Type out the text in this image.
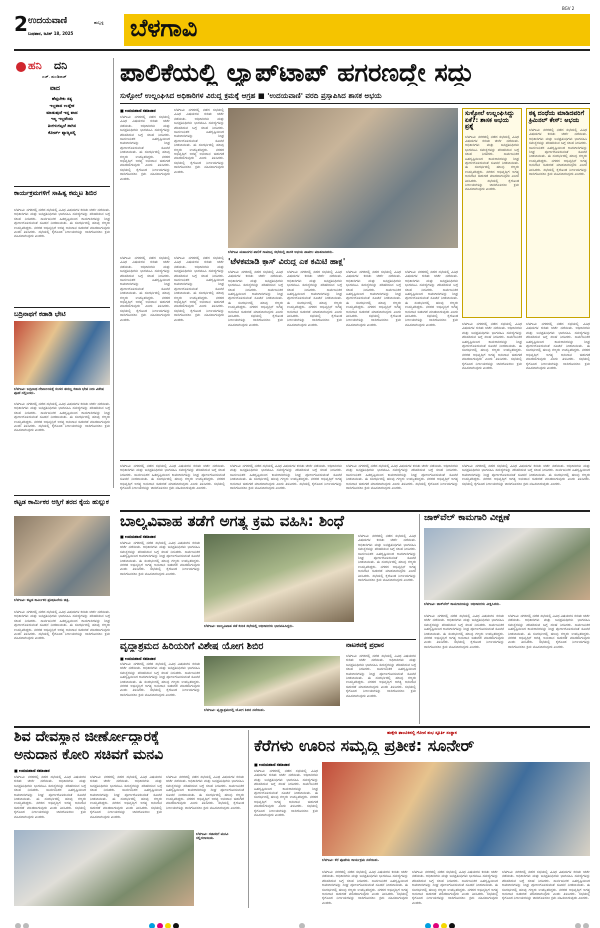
2 ಉದಯವಾಣಿ	ಹುಬ್ಬಳ್ಳಿ
ಬುಧವಾರ, ಜೂನ್ 18, 2025 ಬೆಳಗಾವಿ
BGV 2
ಹನಿ ದನಿ
ಎಚ್. ಡುಂಡಿರಾಜ್
ವಾದ
ಹೆಚ್ಚಬೇಕು ಸತ್ಯ
ಇಲ್ಲವಾದ ಉದ್ದೇಶ
ಮಾಡುವುದೆ ಇದ್ದ ವಾದ
ಇಲ್ಲ ಇಲ್ಲವೆಂದು
ತಿಂಗಳುಗಟ್ಟಲೆ ಸಾಗಿದ
ಕೋರ್ಟ್ ವ್ಯಾಜ್ಯದಲ್ಲಿ
ಪಾಲಿಕೆಯಲ್ಲಿ ಲ್ಯಾಪ್‌ಟಾಪ್ ಹಗರಣದ್ದೇ ಸದ್ದು
ಸುಳ್ಳೋಲೆ ಉಲ್ಲಂಘಿಸಿದ ಅಧಿಕಾರಿಗಳ ವಿರುದ್ಧ ಕ್ರಮಕ್ಕೆ ಆಗ್ರಹ ■ 'ಉದಯವಾಣಿ' ವರದಿ ಪ್ರಸ್ತಾಪಿಸಿದ ಶಾಸಕ ಅಭಯ
■ ಉದಯವಾಣಿ ಸಮಾಚಾರ
ಬೆಳಗಾವಿ: ನಗರದಲ್ಲಿ ನಡೆದ ಸಭೆಯಲ್ಲಿ ವಿವಿಧ ವಿಷಯಗಳ ಕುರಿತು ಚರ್ಚೆ ನಡೆಯಿತು. ಅಧಿಕಾರಿಗಳು ಮತ್ತು ಜನಪ್ರತಿನಿಧಿಗಳು ಭಾಗವಹಿಸಿ ಸಮಸ್ಯೆಗಳನ್ನು ಪರಿಹರಿಸುವ ಬಗ್ಗೆ ಸಲಹೆ ನೀಡಿದರು. ಸಾರ್ವಜನಿಕರ ಹಿತದೃಷ್ಟಿಯಿಂದ ಕಾಮಗಾರಿಗಳನ್ನು ಶೀಘ್ರ ಪೂರ್ಣಗೊಳಿಸುವಂತೆ ಸೂಚನೆ ನೀಡಲಾಯಿತು. ಈ ಸಂದರ್ಭದಲ್ಲಿ ಹಲವು ಗಣ್ಯರು ಉಪಸ್ಥಿತರಿದ್ದರು. ನಗರದ ಅಭಿವೃದ್ಧಿಗೆ ಅಗತ್ಯ ಅನುದಾನ ಬಿಡುಗಡೆ ಮಾಡಲಾಗುವುದು ಎಂದು ತಿಳಿಸಿದರು. ಸಭೆಯಲ್ಲಿ ಕೈಗೊಂಡ ನಿರ್ಣಯಗಳನ್ನು ಜಾರಿಗೊಳಿಸಲು ಕ್ರಮ ವಹಿಸಲಾಗುವುದು ಎಂದರು.
ಬೆಳಗಾವಿ: ನಗರದಲ್ಲಿ ನಡೆದ ಸಭೆಯಲ್ಲಿ ವಿವಿಧ ವಿಷಯಗಳ ಕುರಿತು ಚರ್ಚೆ ನಡೆಯಿತು. ಅಧಿಕಾರಿಗಳು ಮತ್ತು ಜನಪ್ರತಿನಿಧಿಗಳು ಭಾಗವಹಿಸಿ ಸಮಸ್ಯೆಗಳನ್ನು ಪರಿಹರಿಸುವ ಬಗ್ಗೆ ಸಲಹೆ ನೀಡಿದರು. ಸಾರ್ವಜನಿಕರ ಹಿತದೃಷ್ಟಿಯಿಂದ ಕಾಮಗಾರಿಗಳನ್ನು ಶೀಘ್ರ ಪೂರ್ಣಗೊಳಿಸುವಂತೆ ಸೂಚನೆ ನೀಡಲಾಯಿತು. ಈ ಸಂದರ್ಭದಲ್ಲಿ ಹಲವು ಗಣ್ಯರು ಉಪಸ್ಥಿತರಿದ್ದರು. ನಗರದ ಅಭಿವೃದ್ಧಿಗೆ ಅಗತ್ಯ ಅನುದಾನ ಬಿಡುಗಡೆ ಮಾಡಲಾಗುವುದು ಎಂದು ತಿಳಿಸಿದರು. ಸಭೆಯಲ್ಲಿ ಕೈಗೊಂಡ ನಿರ್ಣಯಗಳನ್ನು ಜಾರಿಗೊಳಿಸಲು ಕ್ರಮ ವಹಿಸಲಾಗುವುದು ಎಂದರು.
ಬೆಳಗಾವಿ ಮಹಾನಗರ ಪಾಲಿಕೆ ಸಾಮಾನ್ಯ ಸಭೆಯಲ್ಲಿ ಶಾಸಕ ಅಭಯ ಪಾಟೀಲ ಮಾತನಾಡಿದರು.
ಸುಳ್ಳೋಲೆ ಉಲ್ಲಂಘಿಸಿದ್ದು ಏಕೆ?: ಶಾಸಕ ಅಭಯ ಪ್ರಶ್ನೆ
ಬೆಳಗಾವಿ: ನಗರದಲ್ಲಿ ನಡೆದ ಸಭೆಯಲ್ಲಿ ವಿವಿಧ ವಿಷಯಗಳ ಕುರಿತು ಚರ್ಚೆ ನಡೆಯಿತು. ಅಧಿಕಾರಿಗಳು ಮತ್ತು ಜನಪ್ರತಿನಿಧಿಗಳು ಭಾಗವಹಿಸಿ ಸಮಸ್ಯೆಗಳನ್ನು ಪರಿಹರಿಸುವ ಬಗ್ಗೆ ಸಲಹೆ ನೀಡಿದರು. ಸಾರ್ವಜನಿಕರ ಹಿತದೃಷ್ಟಿಯಿಂದ ಕಾಮಗಾರಿಗಳನ್ನು ಶೀಘ್ರ ಪೂರ್ಣಗೊಳಿಸುವಂತೆ ಸೂಚನೆ ನೀಡಲಾಯಿತು. ಈ ಸಂದರ್ಭದಲ್ಲಿ ಹಲವು ಗಣ್ಯರು ಉಪಸ್ಥಿತರಿದ್ದರು. ನಗರದ ಅಭಿವೃದ್ಧಿಗೆ ಅಗತ್ಯ ಅನುದಾನ ಬಿಡುಗಡೆ ಮಾಡಲಾಗುವುದು ಎಂದು ತಿಳಿಸಿದರು. ಸಭೆಯಲ್ಲಿ ಕೈಗೊಂಡ ನಿರ್ಣಯಗಳನ್ನು ಜಾರಿಗೊಳಿಸಲು ಕ್ರಮ ವಹಿಸಲಾಗುವುದು ಎಂದರು.
ಠಕ್ಕ ದಂಧೆಯ ಮಾಡಿದವರಿಗೆ ಕ್ರಿಮಿನಲ್ ಕೇಸ್: ಅಭಯ
ಬೆಳಗಾವಿ: ನಗರದಲ್ಲಿ ನಡೆದ ಸಭೆಯಲ್ಲಿ ವಿವಿಧ ವಿಷಯಗಳ ಕುರಿತು ಚರ್ಚೆ ನಡೆಯಿತು. ಅಧಿಕಾರಿಗಳು ಮತ್ತು ಜನಪ್ರತಿನಿಧಿಗಳು ಭಾಗವಹಿಸಿ ಸಮಸ್ಯೆಗಳನ್ನು ಪರಿಹರಿಸುವ ಬಗ್ಗೆ ಸಲಹೆ ನೀಡಿದರು. ಸಾರ್ವಜನಿಕರ ಹಿತದೃಷ್ಟಿಯಿಂದ ಕಾಮಗಾರಿಗಳನ್ನು ಶೀಘ್ರ ಪೂರ್ಣಗೊಳಿಸುವಂತೆ ಸೂಚನೆ ನೀಡಲಾಯಿತು. ಈ ಸಂದರ್ಭದಲ್ಲಿ ಹಲವು ಗಣ್ಯರು ಉಪಸ್ಥಿತರಿದ್ದರು. ನಗರದ ಅಭಿವೃದ್ಧಿಗೆ ಅಗತ್ಯ ಅನುದಾನ ಬಿಡುಗಡೆ ಮಾಡಲಾಗುವುದು ಎಂದು ತಿಳಿಸಿದರು. ಸಭೆಯಲ್ಲಿ ಕೈಗೊಂಡ ನಿರ್ಣಯಗಳನ್ನು ಜಾರಿಗೊಳಿಸಲು ಕ್ರಮ ವಹಿಸಲಾಗುವುದು ಎಂದರು.
ಬೆಳಗಾವಿ: ನಗರದಲ್ಲಿ ನಡೆದ ಸಭೆಯಲ್ಲಿ ವಿವಿಧ ವಿಷಯಗಳ ಕುರಿತು ಚರ್ಚೆ ನಡೆಯಿತು. ಅಧಿಕಾರಿಗಳು ಮತ್ತು ಜನಪ್ರತಿನಿಧಿಗಳು ಭಾಗವಹಿಸಿ ಸಮಸ್ಯೆಗಳನ್ನು ಪರಿಹರಿಸುವ ಬಗ್ಗೆ ಸಲಹೆ ನೀಡಿದರು. ಸಾರ್ವಜನಿಕರ ಹಿತದೃಷ್ಟಿಯಿಂದ ಕಾಮಗಾರಿಗಳನ್ನು ಶೀಘ್ರ ಪೂರ್ಣಗೊಳಿಸುವಂತೆ ಸೂಚನೆ ನೀಡಲಾಯಿತು. ಈ ಸಂದರ್ಭದಲ್ಲಿ ಹಲವು ಗಣ್ಯರು ಉಪಸ್ಥಿತರಿದ್ದರು. ನಗರದ ಅಭಿವೃದ್ಧಿಗೆ ಅಗತ್ಯ ಅನುದಾನ ಬಿಡುಗಡೆ ಮಾಡಲಾಗುವುದು ಎಂದು ತಿಳಿಸಿದರು. ಸಭೆಯಲ್ಲಿ ಕೈಗೊಂಡ ನಿರ್ಣಯಗಳನ್ನು ಜಾರಿಗೊಳಿಸಲು ಕ್ರಮ ವಹಿಸಲಾಗುವುದು ಎಂದರು.
ಬೆಳಗಾವಿ: ನಗರದಲ್ಲಿ ನಡೆದ ಸಭೆಯಲ್ಲಿ ವಿವಿಧ ವಿಷಯಗಳ ಕುರಿತು ಚರ್ಚೆ ನಡೆಯಿತು. ಅಧಿಕಾರಿಗಳು ಮತ್ತು ಜನಪ್ರತಿನಿಧಿಗಳು ಭಾಗವಹಿಸಿ ಸಮಸ್ಯೆಗಳನ್ನು ಪರಿಹರಿಸುವ ಬಗ್ಗೆ ಸಲಹೆ ನೀಡಿದರು. ಸಾರ್ವಜನಿಕರ ಹಿತದೃಷ್ಟಿಯಿಂದ ಕಾಮಗಾರಿಗಳನ್ನು ಶೀಘ್ರ ಪೂರ್ಣಗೊಳಿಸುವಂತೆ ಸೂಚನೆ ನೀಡಲಾಯಿತು. ಈ ಸಂದರ್ಭದಲ್ಲಿ ಹಲವು ಗಣ್ಯರು ಉಪಸ್ಥಿತರಿದ್ದರು. ನಗರದ ಅಭಿವೃದ್ಧಿಗೆ ಅಗತ್ಯ ಅನುದಾನ ಬಿಡುಗಡೆ ಮಾಡಲಾಗುವುದು ಎಂದು ತಿಳಿಸಿದರು. ಸಭೆಯಲ್ಲಿ ಕೈಗೊಂಡ ನಿರ್ಣಯಗಳನ್ನು ಜಾರಿಗೊಳಿಸಲು ಕ್ರಮ ವಹಿಸಲಾಗುವುದು ಎಂದರು.
'ಟೆಳಕಮಾಡಿ ಕ್ರಾಸ್ ವಿರುದ್ದ ಎಕ ಕಮಿಟಿ ಹಾಕ್ಲ'
ಬೆಳಗಾವಿ: ನಗರದಲ್ಲಿ ನಡೆದ ಸಭೆಯಲ್ಲಿ ವಿವಿಧ ವಿಷಯಗಳ ಕುರಿತು ಚರ್ಚೆ ನಡೆಯಿತು. ಅಧಿಕಾರಿಗಳು ಮತ್ತು ಜನಪ್ರತಿನಿಧಿಗಳು ಭಾಗವಹಿಸಿ ಸಮಸ್ಯೆಗಳನ್ನು ಪರಿಹರಿಸುವ ಬಗ್ಗೆ ಸಲಹೆ ನೀಡಿದರು. ಸಾರ್ವಜನಿಕರ ಹಿತದೃಷ್ಟಿಯಿಂದ ಕಾಮಗಾರಿಗಳನ್ನು ಶೀಘ್ರ ಪೂರ್ಣಗೊಳಿಸುವಂತೆ ಸೂಚನೆ ನೀಡಲಾಯಿತು. ಈ ಸಂದರ್ಭದಲ್ಲಿ ಹಲವು ಗಣ್ಯರು ಉಪಸ್ಥಿತರಿದ್ದರು. ನಗರದ ಅಭಿವೃದ್ಧಿಗೆ ಅಗತ್ಯ ಅನುದಾನ ಬಿಡುಗಡೆ ಮಾಡಲಾಗುವುದು ಎಂದು ತಿಳಿಸಿದರು. ಸಭೆಯಲ್ಲಿ ಕೈಗೊಂಡ ನಿರ್ಣಯಗಳನ್ನು ಜಾರಿಗೊಳಿಸಲು ಕ್ರಮ ವಹಿಸಲಾಗುವುದು ಎಂದರು.
ಬೆಳಗಾವಿ: ನಗರದಲ್ಲಿ ನಡೆದ ಸಭೆಯಲ್ಲಿ ವಿವಿಧ ವಿಷಯಗಳ ಕುರಿತು ಚರ್ಚೆ ನಡೆಯಿತು. ಅಧಿಕಾರಿಗಳು ಮತ್ತು ಜನಪ್ರತಿನಿಧಿಗಳು ಭಾಗವಹಿಸಿ ಸಮಸ್ಯೆಗಳನ್ನು ಪರಿಹರಿಸುವ ಬಗ್ಗೆ ಸಲಹೆ ನೀಡಿದರು. ಸಾರ್ವಜನಿಕರ ಹಿತದೃಷ್ಟಿಯಿಂದ ಕಾಮಗಾರಿಗಳನ್ನು ಶೀಘ್ರ ಪೂರ್ಣಗೊಳಿಸುವಂತೆ ಸೂಚನೆ ನೀಡಲಾಯಿತು. ಈ ಸಂದರ್ಭದಲ್ಲಿ ಹಲವು ಗಣ್ಯರು ಉಪಸ್ಥಿತರಿದ್ದರು. ನಗರದ ಅಭಿವೃದ್ಧಿಗೆ ಅಗತ್ಯ ಅನುದಾನ ಬಿಡುಗಡೆ ಮಾಡಲಾಗುವುದು ಎಂದು ತಿಳಿಸಿದರು. ಸಭೆಯಲ್ಲಿ ಕೈಗೊಂಡ ನಿರ್ಣಯಗಳನ್ನು ಜಾರಿಗೊಳಿಸಲು ಕ್ರಮ ವಹಿಸಲಾಗುವುದು ಎಂದರು.
ಬೆಳಗಾವಿ: ನಗರದಲ್ಲಿ ನಡೆದ ಸಭೆಯಲ್ಲಿ ವಿವಿಧ ವಿಷಯಗಳ ಕುರಿತು ಚರ್ಚೆ ನಡೆಯಿತು. ಅಧಿಕಾರಿಗಳು ಮತ್ತು ಜನಪ್ರತಿನಿಧಿಗಳು ಭಾಗವಹಿಸಿ ಸಮಸ್ಯೆಗಳನ್ನು ಪರಿಹರಿಸುವ ಬಗ್ಗೆ ಸಲಹೆ ನೀಡಿದರು. ಸಾರ್ವಜನಿಕರ ಹಿತದೃಷ್ಟಿಯಿಂದ ಕಾಮಗಾರಿಗಳನ್ನು ಶೀಘ್ರ ಪೂರ್ಣಗೊಳಿಸುವಂತೆ ಸೂಚನೆ ನೀಡಲಾಯಿತು. ಈ ಸಂದರ್ಭದಲ್ಲಿ ಹಲವು ಗಣ್ಯರು ಉಪಸ್ಥಿತರಿದ್ದರು. ನಗರದ ಅಭಿವೃದ್ಧಿಗೆ ಅಗತ್ಯ ಅನುದಾನ ಬಿಡುಗಡೆ ಮಾಡಲಾಗುವುದು ಎಂದು ತಿಳಿಸಿದರು. ಸಭೆಯಲ್ಲಿ ಕೈಗೊಂಡ ನಿರ್ಣಯಗಳನ್ನು ಜಾರಿಗೊಳಿಸಲು ಕ್ರಮ ವಹಿಸಲಾಗುವುದು ಎಂದರು.
ಬೆಳಗಾವಿ: ನಗರದಲ್ಲಿ ನಡೆದ ಸಭೆಯಲ್ಲಿ ವಿವಿಧ ವಿಷಯಗಳ ಕುರಿತು ಚರ್ಚೆ ನಡೆಯಿತು. ಅಧಿಕಾರಿಗಳು ಮತ್ತು ಜನಪ್ರತಿನಿಧಿಗಳು ಭಾಗವಹಿಸಿ ಸಮಸ್ಯೆಗಳನ್ನು ಪರಿಹರಿಸುವ ಬಗ್ಗೆ ಸಲಹೆ ನೀಡಿದರು. ಸಾರ್ವಜನಿಕರ ಹಿತದೃಷ್ಟಿಯಿಂದ ಕಾಮಗಾರಿಗಳನ್ನು ಶೀಘ್ರ ಪೂರ್ಣಗೊಳಿಸುವಂತೆ ಸೂಚನೆ ನೀಡಲಾಯಿತು. ಈ ಸಂದರ್ಭದಲ್ಲಿ ಹಲವು ಗಣ್ಯರು ಉಪಸ್ಥಿತರಿದ್ದರು. ನಗರದ ಅಭಿವೃದ್ಧಿಗೆ ಅಗತ್ಯ ಅನುದಾನ ಬಿಡುಗಡೆ ಮಾಡಲಾಗುವುದು ಎಂದು ತಿಳಿಸಿದರು. ಸಭೆಯಲ್ಲಿ ಕೈಗೊಂಡ ನಿರ್ಣಯಗಳನ್ನು ಜಾರಿಗೊಳಿಸಲು ಕ್ರಮ ವಹಿಸಲಾಗುವುದು ಎಂದರು.	ಬೆಳಗಾವಿ: ನಗರದಲ್ಲಿ ನಡೆದ ಸಭೆಯಲ್ಲಿ ವಿವಿಧ ವಿಷಯಗಳ ಕುರಿತು ಚರ್ಚೆ ನಡೆಯಿತು. ಅಧಿಕಾರಿಗಳು ಮತ್ತು ಜನಪ್ರತಿನಿಧಿಗಳು ಭಾಗವಹಿಸಿ ಸಮಸ್ಯೆಗಳನ್ನು ಪರಿಹರಿಸುವ ಬಗ್ಗೆ ಸಲಹೆ ನೀಡಿದರು. ಸಾರ್ವಜನಿಕರ ಹಿತದೃಷ್ಟಿಯಿಂದ ಕಾಮಗಾರಿಗಳನ್ನು ಶೀಘ್ರ ಪೂರ್ಣಗೊಳಿಸುವಂತೆ ಸೂಚನೆ ನೀಡಲಾಯಿತು. ಈ ಸಂದರ್ಭದಲ್ಲಿ ಹಲವು ಗಣ್ಯರು ಉಪಸ್ಥಿತರಿದ್ದರು. ನಗರದ ಅಭಿವೃದ್ಧಿಗೆ ಅಗತ್ಯ ಅನುದಾನ ಬಿಡುಗಡೆ ಮಾಡಲಾಗುವುದು ಎಂದು ತಿಳಿಸಿದರು. ಸಭೆಯಲ್ಲಿ ಕೈಗೊಂಡ ನಿರ್ಣಯಗಳನ್ನು ಜಾರಿಗೊಳಿಸಲು ಕ್ರಮ ವಹಿಸಲಾಗುವುದು ಎಂದರು.
ಬೆಳಗಾವಿ: ನಗರದಲ್ಲಿ ನಡೆದ ಸಭೆಯಲ್ಲಿ ವಿವಿಧ ವಿಷಯಗಳ ಕುರಿತು ಚರ್ಚೆ ನಡೆಯಿತು. ಅಧಿಕಾರಿಗಳು ಮತ್ತು ಜನಪ್ರತಿನಿಧಿಗಳು ಭಾಗವಹಿಸಿ ಸಮಸ್ಯೆಗಳನ್ನು ಪರಿಹರಿಸುವ ಬಗ್ಗೆ ಸಲಹೆ ನೀಡಿದರು. ಸಾರ್ವಜನಿಕರ ಹಿತದೃಷ್ಟಿಯಿಂದ ಕಾಮಗಾರಿಗಳನ್ನು ಶೀಘ್ರ ಪೂರ್ಣಗೊಳಿಸುವಂತೆ ಸೂಚನೆ ನೀಡಲಾಯಿತು. ಈ ಸಂದರ್ಭದಲ್ಲಿ ಹಲವು ಗಣ್ಯರು ಉಪಸ್ಥಿತರಿದ್ದರು. ನಗರದ ಅಭಿವೃದ್ಧಿಗೆ ಅಗತ್ಯ ಅನುದಾನ ಬಿಡುಗಡೆ ಮಾಡಲಾಗುವುದು ಎಂದು ತಿಳಿಸಿದರು. ಸಭೆಯಲ್ಲಿ ಕೈಗೊಂಡ ನಿರ್ಣಯಗಳನ್ನು ಜಾರಿಗೊಳಿಸಲು ಕ್ರಮ ವಹಿಸಲಾಗುವುದು ಎಂದರು.
ಕಾರ್ಯಕ್ರಮಗಳಿಗೆ ಸಾಹಿತ್ಯ ಕಮ್ಮಟ ಶಿಬಿರ
ಬೆಳಗಾವಿ: ನಗರದಲ್ಲಿ ನಡೆದ ಸಭೆಯಲ್ಲಿ ವಿವಿಧ ವಿಷಯಗಳ ಕುರಿತು ಚರ್ಚೆ ನಡೆಯಿತು. ಅಧಿಕಾರಿಗಳು ಮತ್ತು ಜನಪ್ರತಿನಿಧಿಗಳು ಭಾಗವಹಿಸಿ ಸಮಸ್ಯೆಗಳನ್ನು ಪರಿಹರಿಸುವ ಬಗ್ಗೆ ಸಲಹೆ ನೀಡಿದರು. ಸಾರ್ವಜನಿಕರ ಹಿತದೃಷ್ಟಿಯಿಂದ ಕಾಮಗಾರಿಗಳನ್ನು ಶೀಘ್ರ ಪೂರ್ಣಗೊಳಿಸುವಂತೆ ಸೂಚನೆ ನೀಡಲಾಯಿತು. ಈ ಸಂದರ್ಭದಲ್ಲಿ ಹಲವು ಗಣ್ಯರು ಉಪಸ್ಥಿತರಿದ್ದರು. ನಗರದ ಅಭಿವೃದ್ಧಿಗೆ ಅಗತ್ಯ ಅನುದಾನ ಬಿಡುಗಡೆ ಮಾಡಲಾಗುವುದು ಎಂದು ತಿಳಿಸಿದರು. ಸಭೆಯಲ್ಲಿ ಕೈಗೊಂಡ ನಿರ್ಣಯಗಳನ್ನು ಜಾರಿಗೊಳಿಸಲು ಕ್ರಮ ವಹಿಸಲಾಗುವುದು ಎಂದರು.
ಬದ್ರಿನಾಥಗೆ ಕಡಾಡಿ ಭೇಟಿ
ಬೆಳಗಾವಿ: ಬದ್ರಿನಾಥ ದೇವಾಲಯಕ್ಕೆ ಸಂಸದ ಈರಣ್ಣ ಕಡಾಡಿ ಭೇಟಿ ನೀಡಿ ವಿಶೇಷ ಪೂಜೆ ಸಲ್ಲಿಸಿದರು.
ಬೆಳಗಾವಿ: ನಗರದಲ್ಲಿ ನಡೆದ ಸಭೆಯಲ್ಲಿ ವಿವಿಧ ವಿಷಯಗಳ ಕುರಿತು ಚರ್ಚೆ ನಡೆಯಿತು. ಅಧಿಕಾರಿಗಳು ಮತ್ತು ಜನಪ್ರತಿನಿಧಿಗಳು ಭಾಗವಹಿಸಿ ಸಮಸ್ಯೆಗಳನ್ನು ಪರಿಹರಿಸುವ ಬಗ್ಗೆ ಸಲಹೆ ನೀಡಿದರು. ಸಾರ್ವಜನಿಕರ ಹಿತದೃಷ್ಟಿಯಿಂದ ಕಾಮಗಾರಿಗಳನ್ನು ಶೀಘ್ರ ಪೂರ್ಣಗೊಳಿಸುವಂತೆ ಸೂಚನೆ ನೀಡಲಾಯಿತು. ಈ ಸಂದರ್ಭದಲ್ಲಿ ಹಲವು ಗಣ್ಯರು ಉಪಸ್ಥಿತರಿದ್ದರು. ನಗರದ ಅಭಿವೃದ್ಧಿಗೆ ಅಗತ್ಯ ಅನುದಾನ ಬಿಡುಗಡೆ ಮಾಡಲಾಗುವುದು ಎಂದು ತಿಳಿಸಿದರು. ಸಭೆಯಲ್ಲಿ ಕೈಗೊಂಡ ನಿರ್ಣಯಗಳನ್ನು ಜಾರಿಗೊಳಿಸಲು ಕ್ರಮ ವಹಿಸಲಾಗುವುದು ಎಂದರು.
ಕಟ್ಟಡ ಕಾರ್ಮಿಕರ ಆಸ್ತಿಗೆ ತರದ ಕೈಯ ಹುಲ್ಲುಕ
ಬೆಳಗಾವಿ: ಕಟ್ಟಡ ಕಾರ್ಮಿಕರ ಪ್ರತಿಭಟನೆಯ ಚಿತ್ರ.
ಬೆಳಗಾವಿ: ನಗರದಲ್ಲಿ ನಡೆದ ಸಭೆಯಲ್ಲಿ ವಿವಿಧ ವಿಷಯಗಳ ಕುರಿತು ಚರ್ಚೆ ನಡೆಯಿತು. ಅಧಿಕಾರಿಗಳು ಮತ್ತು ಜನಪ್ರತಿನಿಧಿಗಳು ಭಾಗವಹಿಸಿ ಸಮಸ್ಯೆಗಳನ್ನು ಪರಿಹರಿಸುವ ಬಗ್ಗೆ ಸಲಹೆ ನೀಡಿದರು. ಸಾರ್ವಜನಿಕರ ಹಿತದೃಷ್ಟಿಯಿಂದ ಕಾಮಗಾರಿಗಳನ್ನು ಶೀಘ್ರ ಪೂರ್ಣಗೊಳಿಸುವಂತೆ ಸೂಚನೆ ನೀಡಲಾಯಿತು. ಈ ಸಂದರ್ಭದಲ್ಲಿ ಹಲವು ಗಣ್ಯರು ಉಪಸ್ಥಿತರಿದ್ದರು. ನಗರದ ಅಭಿವೃದ್ಧಿಗೆ ಅಗತ್ಯ ಅನುದಾನ ಬಿಡುಗಡೆ ಮಾಡಲಾಗುವುದು ಎಂದು ತಿಳಿಸಿದರು. ಸಭೆಯಲ್ಲಿ ಕೈಗೊಂಡ ನಿರ್ಣಯಗಳನ್ನು ಜಾರಿಗೊಳಿಸಲು ಕ್ರಮ ವಹಿಸಲಾಗುವುದು ಎಂದರು.
ಬೆಳಗಾವಿ: ನಗರದಲ್ಲಿ ನಡೆದ ಸಭೆಯಲ್ಲಿ ವಿವಿಧ ವಿಷಯಗಳ ಕುರಿತು ಚರ್ಚೆ ನಡೆಯಿತು. ಅಧಿಕಾರಿಗಳು ಮತ್ತು ಜನಪ್ರತಿನಿಧಿಗಳು ಭಾಗವಹಿಸಿ ಸಮಸ್ಯೆಗಳನ್ನು ಪರಿಹರಿಸುವ ಬಗ್ಗೆ ಸಲಹೆ ನೀಡಿದರು. ಸಾರ್ವಜನಿಕರ ಹಿತದೃಷ್ಟಿಯಿಂದ ಕಾಮಗಾರಿಗಳನ್ನು ಶೀಘ್ರ ಪೂರ್ಣಗೊಳಿಸುವಂತೆ ಸೂಚನೆ ನೀಡಲಾಯಿತು. ಈ ಸಂದರ್ಭದಲ್ಲಿ ಹಲವು ಗಣ್ಯರು ಉಪಸ್ಥಿತರಿದ್ದರು. ನಗರದ ಅಭಿವೃದ್ಧಿಗೆ ಅಗತ್ಯ ಅನುದಾನ ಬಿಡುಗಡೆ ಮಾಡಲಾಗುವುದು ಎಂದು ತಿಳಿಸಿದರು. ಸಭೆಯಲ್ಲಿ ಕೈಗೊಂಡ ನಿರ್ಣಯಗಳನ್ನು ಜಾರಿಗೊಳಿಸಲು ಕ್ರಮ ವಹಿಸಲಾಗುವುದು ಎಂದರು.
ಬೆಳಗಾವಿ: ನಗರದಲ್ಲಿ ನಡೆದ ಸಭೆಯಲ್ಲಿ ವಿವಿಧ ವಿಷಯಗಳ ಕುರಿತು ಚರ್ಚೆ ನಡೆಯಿತು. ಅಧಿಕಾರಿಗಳು ಮತ್ತು ಜನಪ್ರತಿನಿಧಿಗಳು ಭಾಗವಹಿಸಿ ಸಮಸ್ಯೆಗಳನ್ನು ಪರಿಹರಿಸುವ ಬಗ್ಗೆ ಸಲಹೆ ನೀಡಿದರು. ಸಾರ್ವಜನಿಕರ ಹಿತದೃಷ್ಟಿಯಿಂದ ಕಾಮಗಾರಿಗಳನ್ನು ಶೀಘ್ರ ಪೂರ್ಣಗೊಳಿಸುವಂತೆ ಸೂಚನೆ ನೀಡಲಾಯಿತು. ಈ ಸಂದರ್ಭದಲ್ಲಿ ಹಲವು ಗಣ್ಯರು ಉಪಸ್ಥಿತರಿದ್ದರು. ನಗರದ ಅಭಿವೃದ್ಧಿಗೆ ಅಗತ್ಯ ಅನುದಾನ ಬಿಡುಗಡೆ ಮಾಡಲಾಗುವುದು ಎಂದು ತಿಳಿಸಿದರು. ಸಭೆಯಲ್ಲಿ ಕೈಗೊಂಡ ನಿರ್ಣಯಗಳನ್ನು ಜಾರಿಗೊಳಿಸಲು ಕ್ರಮ ವಹಿಸಲಾಗುವುದು ಎಂದರು.
ಬೆಳಗಾವಿ: ನಗರದಲ್ಲಿ ನಡೆದ ಸಭೆಯಲ್ಲಿ ವಿವಿಧ ವಿಷಯಗಳ ಕುರಿತು ಚರ್ಚೆ ನಡೆಯಿತು. ಅಧಿಕಾರಿಗಳು ಮತ್ತು ಜನಪ್ರತಿನಿಧಿಗಳು ಭಾಗವಹಿಸಿ ಸಮಸ್ಯೆಗಳನ್ನು ಪರಿಹರಿಸುವ ಬಗ್ಗೆ ಸಲಹೆ ನೀಡಿದರು. ಸಾರ್ವಜನಿಕರ ಹಿತದೃಷ್ಟಿಯಿಂದ ಕಾಮಗಾರಿಗಳನ್ನು ಶೀಘ್ರ ಪೂರ್ಣಗೊಳಿಸುವಂತೆ ಸೂಚನೆ ನೀಡಲಾಯಿತು. ಈ ಸಂದರ್ಭದಲ್ಲಿ ಹಲವು ಗಣ್ಯರು ಉಪಸ್ಥಿತರಿದ್ದರು. ನಗರದ ಅಭಿವೃದ್ಧಿಗೆ ಅಗತ್ಯ ಅನುದಾನ ಬಿಡುಗಡೆ ಮಾಡಲಾಗುವುದು ಎಂದು ತಿಳಿಸಿದರು. ಸಭೆಯಲ್ಲಿ ಕೈಗೊಂಡ ನಿರ್ಣಯಗಳನ್ನು ಜಾರಿಗೊಳಿಸಲು ಕ್ರಮ ವಹಿಸಲಾಗುವುದು ಎಂದರು.
ಬೆಳಗಾವಿ: ನಗರದಲ್ಲಿ ನಡೆದ ಸಭೆಯಲ್ಲಿ ವಿವಿಧ ವಿಷಯಗಳ ಕುರಿತು ಚರ್ಚೆ ನಡೆಯಿತು. ಅಧಿಕಾರಿಗಳು ಮತ್ತು ಜನಪ್ರತಿನಿಧಿಗಳು ಭಾಗವಹಿಸಿ ಸಮಸ್ಯೆಗಳನ್ನು ಪರಿಹರಿಸುವ ಬಗ್ಗೆ ಸಲಹೆ ನೀಡಿದರು. ಸಾರ್ವಜನಿಕರ ಹಿತದೃಷ್ಟಿಯಿಂದ ಕಾಮಗಾರಿಗಳನ್ನು ಶೀಘ್ರ ಪೂರ್ಣಗೊಳಿಸುವಂತೆ ಸೂಚನೆ ನೀಡಲಾಯಿತು. ಈ ಸಂದರ್ಭದಲ್ಲಿ ಹಲವು ಗಣ್ಯರು ಉಪಸ್ಥಿತರಿದ್ದರು. ನಗರದ ಅಭಿವೃದ್ಧಿಗೆ ಅಗತ್ಯ ಅನುದಾನ ಬಿಡುಗಡೆ ಮಾಡಲಾಗುವುದು ಎಂದು ತಿಳಿಸಿದರು. ಸಭೆಯಲ್ಲಿ ಕೈಗೊಂಡ ನಿರ್ಣಯಗಳನ್ನು ಜಾರಿಗೊಳಿಸಲು ಕ್ರಮ ವಹಿಸಲಾಗುವುದು ಎಂದರು.
ಬಾಲ್ಯವಿವಾಹ ತಡೆಗೆ ಅಗತ್ಯ ಕ್ರಮ ವಹಿಸಿ: ಶಿಂಧೆ
■ ಉದಯವಾಣಿ ಸಮಾಚಾರ
ಬೆಳಗಾವಿ: ನಗರದಲ್ಲಿ ನಡೆದ ಸಭೆಯಲ್ಲಿ ವಿವಿಧ ವಿಷಯಗಳ ಕುರಿತು ಚರ್ಚೆ ನಡೆಯಿತು. ಅಧಿಕಾರಿಗಳು ಮತ್ತು ಜನಪ್ರತಿನಿಧಿಗಳು ಭಾಗವಹಿಸಿ ಸಮಸ್ಯೆಗಳನ್ನು ಪರಿಹರಿಸುವ ಬಗ್ಗೆ ಸಲಹೆ ನೀಡಿದರು. ಸಾರ್ವಜನಿಕರ ಹಿತದೃಷ್ಟಿಯಿಂದ ಕಾಮಗಾರಿಗಳನ್ನು ಶೀಘ್ರ ಪೂರ್ಣಗೊಳಿಸುವಂತೆ ಸೂಚನೆ ನೀಡಲಾಯಿತು. ಈ ಸಂದರ್ಭದಲ್ಲಿ ಹಲವು ಗಣ್ಯರು ಉಪಸ್ಥಿತರಿದ್ದರು. ನಗರದ ಅಭಿವೃದ್ಧಿಗೆ ಅಗತ್ಯ ಅನುದಾನ ಬಿಡುಗಡೆ ಮಾಡಲಾಗುವುದು ಎಂದು ತಿಳಿಸಿದರು. ಸಭೆಯಲ್ಲಿ ಕೈಗೊಂಡ ನಿರ್ಣಯಗಳನ್ನು ಜಾರಿಗೊಳಿಸಲು ಕ್ರಮ ವಹಿಸಲಾಗುವುದು ಎಂದರು.
ಬೆಳಗಾವಿ: ಬಾಲ್ಯವಿವಾಹ ತಡೆ ಕುರಿತ ಸಭೆಯಲ್ಲಿ ಅಧಿಕಾರಿಗಳು ಭಾಗವಹಿಸಿದ್ದರು.
ಬೆಳಗಾವಿ: ನಗರದಲ್ಲಿ ನಡೆದ ಸಭೆಯಲ್ಲಿ ವಿವಿಧ ವಿಷಯಗಳ ಕುರಿತು ಚರ್ಚೆ ನಡೆಯಿತು. ಅಧಿಕಾರಿಗಳು ಮತ್ತು ಜನಪ್ರತಿನಿಧಿಗಳು ಭಾಗವಹಿಸಿ ಸಮಸ್ಯೆಗಳನ್ನು ಪರಿಹರಿಸುವ ಬಗ್ಗೆ ಸಲಹೆ ನೀಡಿದರು. ಸಾರ್ವಜನಿಕರ ಹಿತದೃಷ್ಟಿಯಿಂದ ಕಾಮಗಾರಿಗಳನ್ನು ಶೀಘ್ರ ಪೂರ್ಣಗೊಳಿಸುವಂತೆ ಸೂಚನೆ ನೀಡಲಾಯಿತು. ಈ ಸಂದರ್ಭದಲ್ಲಿ ಹಲವು ಗಣ್ಯರು ಉಪಸ್ಥಿತರಿದ್ದರು. ನಗರದ ಅಭಿವೃದ್ಧಿಗೆ ಅಗತ್ಯ ಅನುದಾನ ಬಿಡುಗಡೆ ಮಾಡಲಾಗುವುದು ಎಂದು ತಿಳಿಸಿದರು. ಸಭೆಯಲ್ಲಿ ಕೈಗೊಂಡ ನಿರ್ಣಯಗಳನ್ನು ಜಾರಿಗೊಳಿಸಲು ಕ್ರಮ ವಹಿಸಲಾಗುವುದು ಎಂದರು.
ಜಾಕ್‌ವೆಲ್ ಕಾಮಗಾರಿ ವೀಕ್ಷಣೆ
ಬೆಳಗಾವಿ: ಜಾಕ್‌ವೆಲ್ ಕಾಮಗಾರಿಯನ್ನು ಅಧಿಕಾರಿಗಳು ವೀಕ್ಷಿಸಿದರು.
ಬೆಳಗಾವಿ: ನಗರದಲ್ಲಿ ನಡೆದ ಸಭೆಯಲ್ಲಿ ವಿವಿಧ ವಿಷಯಗಳ ಕುರಿತು ಚರ್ಚೆ ನಡೆಯಿತು. ಅಧಿಕಾರಿಗಳು ಮತ್ತು ಜನಪ್ರತಿನಿಧಿಗಳು ಭಾಗವಹಿಸಿ ಸಮಸ್ಯೆಗಳನ್ನು ಪರಿಹರಿಸುವ ಬಗ್ಗೆ ಸಲಹೆ ನೀಡಿದರು. ಸಾರ್ವಜನಿಕರ ಹಿತದೃಷ್ಟಿಯಿಂದ ಕಾಮಗಾರಿಗಳನ್ನು ಶೀಘ್ರ ಪೂರ್ಣಗೊಳಿಸುವಂತೆ ಸೂಚನೆ ನೀಡಲಾಯಿತು. ಈ ಸಂದರ್ಭದಲ್ಲಿ ಹಲವು ಗಣ್ಯರು ಉಪಸ್ಥಿತರಿದ್ದರು. ನಗರದ ಅಭಿವೃದ್ಧಿಗೆ ಅಗತ್ಯ ಅನುದಾನ ಬಿಡುಗಡೆ ಮಾಡಲಾಗುವುದು ಎಂದು ತಿಳಿಸಿದರು. ಸಭೆಯಲ್ಲಿ ಕೈಗೊಂಡ ನಿರ್ಣಯಗಳನ್ನು ಜಾರಿಗೊಳಿಸಲು ಕ್ರಮ ವಹಿಸಲಾಗುವುದು ಎಂದರು.
ಬೆಳಗಾವಿ: ನಗರದಲ್ಲಿ ನಡೆದ ಸಭೆಯಲ್ಲಿ ವಿವಿಧ ವಿಷಯಗಳ ಕುರಿತು ಚರ್ಚೆ ನಡೆಯಿತು. ಅಧಿಕಾರಿಗಳು ಮತ್ತು ಜನಪ್ರತಿನಿಧಿಗಳು ಭಾಗವಹಿಸಿ ಸಮಸ್ಯೆಗಳನ್ನು ಪರಿಹರಿಸುವ ಬಗ್ಗೆ ಸಲಹೆ ನೀಡಿದರು. ಸಾರ್ವಜನಿಕರ ಹಿತದೃಷ್ಟಿಯಿಂದ ಕಾಮಗಾರಿಗಳನ್ನು ಶೀಘ್ರ ಪೂರ್ಣಗೊಳಿಸುವಂತೆ ಸೂಚನೆ ನೀಡಲಾಯಿತು. ಈ ಸಂದರ್ಭದಲ್ಲಿ ಹಲವು ಗಣ್ಯರು ಉಪಸ್ಥಿತರಿದ್ದರು. ನಗರದ ಅಭಿವೃದ್ಧಿಗೆ ಅಗತ್ಯ ಅನುದಾನ ಬಿಡುಗಡೆ ಮಾಡಲಾಗುವುದು ಎಂದು ತಿಳಿಸಿದರು. ಸಭೆಯಲ್ಲಿ ಕೈಗೊಂಡ ನಿರ್ಣಯಗಳನ್ನು ಜಾರಿಗೊಳಿಸಲು ಕ್ರಮ ವಹಿಸಲಾಗುವುದು ಎಂದರು.
ವೃದ್ಧಾಶ್ರಮದ ಹಿರಿಯರಿಗೆ ವಿಶೇಷ ಯೋಗ ಶಿಬಿರ
■ ಉದಯವಾಣಿ ಸಮಾಚಾರ
ಬೆಳಗಾವಿ: ನಗರದಲ್ಲಿ ನಡೆದ ಸಭೆಯಲ್ಲಿ ವಿವಿಧ ವಿಷಯಗಳ ಕುರಿತು ಚರ್ಚೆ ನಡೆಯಿತು. ಅಧಿಕಾರಿಗಳು ಮತ್ತು ಜನಪ್ರತಿನಿಧಿಗಳು ಭಾಗವಹಿಸಿ ಸಮಸ್ಯೆಗಳನ್ನು ಪರಿಹರಿಸುವ ಬಗ್ಗೆ ಸಲಹೆ ನೀಡಿದರು. ಸಾರ್ವಜನಿಕರ ಹಿತದೃಷ್ಟಿಯಿಂದ ಕಾಮಗಾರಿಗಳನ್ನು ಶೀಘ್ರ ಪೂರ್ಣಗೊಳಿಸುವಂತೆ ಸೂಚನೆ ನೀಡಲಾಯಿತು. ಈ ಸಂದರ್ಭದಲ್ಲಿ ಹಲವು ಗಣ್ಯರು ಉಪಸ್ಥಿತರಿದ್ದರು. ನಗರದ ಅಭಿವೃದ್ಧಿಗೆ ಅಗತ್ಯ ಅನುದಾನ ಬಿಡುಗಡೆ ಮಾಡಲಾಗುವುದು ಎಂದು ತಿಳಿಸಿದರು. ಸಭೆಯಲ್ಲಿ ಕೈಗೊಂಡ ನಿರ್ಣಯಗಳನ್ನು ಜಾರಿಗೊಳಿಸಲು ಕ್ರಮ ವಹಿಸಲಾಗುವುದು ಎಂದರು.
ಬೆಳಗಾವಿ: ವೃದ್ಧಾಶ್ರಮದಲ್ಲಿ ಯೋಗ ಶಿಬಿರ ನಡೆಯಿತು.
ನಾಟಕವಕ್ಕೆ ಪ್ರಧಾನ
ಬೆಳಗಾವಿ: ನಗರದಲ್ಲಿ ನಡೆದ ಸಭೆಯಲ್ಲಿ ವಿವಿಧ ವಿಷಯಗಳ ಕುರಿತು ಚರ್ಚೆ ನಡೆಯಿತು. ಅಧಿಕಾರಿಗಳು ಮತ್ತು ಜನಪ್ರತಿನಿಧಿಗಳು ಭಾಗವಹಿಸಿ ಸಮಸ್ಯೆಗಳನ್ನು ಪರಿಹರಿಸುವ ಬಗ್ಗೆ ಸಲಹೆ ನೀಡಿದರು. ಸಾರ್ವಜನಿಕರ ಹಿತದೃಷ್ಟಿಯಿಂದ ಕಾಮಗಾರಿಗಳನ್ನು ಶೀಘ್ರ ಪೂರ್ಣಗೊಳಿಸುವಂತೆ ಸೂಚನೆ ನೀಡಲಾಯಿತು. ಈ ಸಂದರ್ಭದಲ್ಲಿ ಹಲವು ಗಣ್ಯರು ಉಪಸ್ಥಿತರಿದ್ದರು. ನಗರದ ಅಭಿವೃದ್ಧಿಗೆ ಅಗತ್ಯ ಅನುದಾನ ಬಿಡುಗಡೆ ಮಾಡಲಾಗುವುದು ಎಂದು ತಿಳಿಸಿದರು. ಸಭೆಯಲ್ಲಿ ಕೈಗೊಂಡ ನಿರ್ಣಯಗಳನ್ನು ಜಾರಿಗೊಳಿಸಲು ಕ್ರಮ ವಹಿಸಲಾಗುವುದು ಎಂದರು.
ಶಿವ ದೇವಸ್ಥಾನ ಜೀರ್ಣೋದ್ಧಾರಕ್ಕೆ
ಅನುದಾನ ಕೋರಿ ಸಚಿವಗೆ ಮನವಿ
■ ಉದಯವಾಣಿ ಸಮಾಚಾರ
ಬೆಳಗಾವಿ: ನಗರದಲ್ಲಿ ನಡೆದ ಸಭೆಯಲ್ಲಿ ವಿವಿಧ ವಿಷಯಗಳ ಕುರಿತು ಚರ್ಚೆ ನಡೆಯಿತು. ಅಧಿಕಾರಿಗಳು ಮತ್ತು ಜನಪ್ರತಿನಿಧಿಗಳು ಭಾಗವಹಿಸಿ ಸಮಸ್ಯೆಗಳನ್ನು ಪರಿಹರಿಸುವ ಬಗ್ಗೆ ಸಲಹೆ ನೀಡಿದರು. ಸಾರ್ವಜನಿಕರ ಹಿತದೃಷ್ಟಿಯಿಂದ ಕಾಮಗಾರಿಗಳನ್ನು ಶೀಘ್ರ ಪೂರ್ಣಗೊಳಿಸುವಂತೆ ಸೂಚನೆ ನೀಡಲಾಯಿತು. ಈ ಸಂದರ್ಭದಲ್ಲಿ ಹಲವು ಗಣ್ಯರು ಉಪಸ್ಥಿತರಿದ್ದರು. ನಗರದ ಅಭಿವೃದ್ಧಿಗೆ ಅಗತ್ಯ ಅನುದಾನ ಬಿಡುಗಡೆ ಮಾಡಲಾಗುವುದು ಎಂದು ತಿಳಿಸಿದರು. ಸಭೆಯಲ್ಲಿ ಕೈಗೊಂಡ ನಿರ್ಣಯಗಳನ್ನು ಜಾರಿಗೊಳಿಸಲು ಕ್ರಮ ವಹಿಸಲಾಗುವುದು ಎಂದರು.
ಬೆಳಗಾವಿ: ನಗರದಲ್ಲಿ ನಡೆದ ಸಭೆಯಲ್ಲಿ ವಿವಿಧ ವಿಷಯಗಳ ಕುರಿತು ಚರ್ಚೆ ನಡೆಯಿತು. ಅಧಿಕಾರಿಗಳು ಮತ್ತು ಜನಪ್ರತಿನಿಧಿಗಳು ಭಾಗವಹಿಸಿ ಸಮಸ್ಯೆಗಳನ್ನು ಪರಿಹರಿಸುವ ಬಗ್ಗೆ ಸಲಹೆ ನೀಡಿದರು. ಸಾರ್ವಜನಿಕರ ಹಿತದೃಷ್ಟಿಯಿಂದ ಕಾಮಗಾರಿಗಳನ್ನು ಶೀಘ್ರ ಪೂರ್ಣಗೊಳಿಸುವಂತೆ ಸೂಚನೆ ನೀಡಲಾಯಿತು. ಈ ಸಂದರ್ಭದಲ್ಲಿ ಹಲವು ಗಣ್ಯರು ಉಪಸ್ಥಿತರಿದ್ದರು. ನಗರದ ಅಭಿವೃದ್ಧಿಗೆ ಅಗತ್ಯ ಅನುದಾನ ಬಿಡುಗಡೆ ಮಾಡಲಾಗುವುದು ಎಂದು ತಿಳಿಸಿದರು. ಸಭೆಯಲ್ಲಿ ಕೈಗೊಂಡ ನಿರ್ಣಯಗಳನ್ನು ಜಾರಿಗೊಳಿಸಲು ಕ್ರಮ ವಹಿಸಲಾಗುವುದು ಎಂದರು.
ಬೆಳಗಾವಿ: ನಗರದಲ್ಲಿ ನಡೆದ ಸಭೆಯಲ್ಲಿ ವಿವಿಧ ವಿಷಯಗಳ ಕುರಿತು ಚರ್ಚೆ ನಡೆಯಿತು. ಅಧಿಕಾರಿಗಳು ಮತ್ತು ಜನಪ್ರತಿನಿಧಿಗಳು ಭಾಗವಹಿಸಿ ಸಮಸ್ಯೆಗಳನ್ನು ಪರಿಹರಿಸುವ ಬಗ್ಗೆ ಸಲಹೆ ನೀಡಿದರು. ಸಾರ್ವಜನಿಕರ ಹಿತದೃಷ್ಟಿಯಿಂದ ಕಾಮಗಾರಿಗಳನ್ನು ಶೀಘ್ರ ಪೂರ್ಣಗೊಳಿಸುವಂತೆ ಸೂಚನೆ ನೀಡಲಾಯಿತು. ಈ ಸಂದರ್ಭದಲ್ಲಿ ಹಲವು ಗಣ್ಯರು ಉಪಸ್ಥಿತರಿದ್ದರು. ನಗರದ ಅಭಿವೃದ್ಧಿಗೆ ಅಗತ್ಯ ಅನುದಾನ ಬಿಡುಗಡೆ ಮಾಡಲಾಗುವುದು ಎಂದು ತಿಳಿಸಿದರು. ಸಭೆಯಲ್ಲಿ ಕೈಗೊಂಡ ನಿರ್ಣಯಗಳನ್ನು ಜಾರಿಗೊಳಿಸಲು ಕ್ರಮ ವಹಿಸಲಾಗುವುದು ಎಂದರು.
ಬೆಳಗಾವಿ: ಸಚಿವರಿಗೆ ಮನವಿ ಸಲ್ಲಿಸಲಾಯಿತು.
ಹುಕ್ಕೇರಿ ತಾಲೂಕಿನಲ್ಲಿ ಗೋಣಿ ಶುಭ ಸ್ಪೂರ್ತಿ ಸಂಸ್ಥಾನ
ಕೆರೆಗಳು ಊರಿನ ಸಮೃದ್ಧಿ ಪ್ರತೀಕ: ಸೂನೇರ್
■ ಉದಯವಾಣಿ ಸಮಾಚಾರ
ಬೆಳಗಾವಿ: ನಗರದಲ್ಲಿ ನಡೆದ ಸಭೆಯಲ್ಲಿ ವಿವಿಧ ವಿಷಯಗಳ ಕುರಿತು ಚರ್ಚೆ ನಡೆಯಿತು. ಅಧಿಕಾರಿಗಳು ಮತ್ತು ಜನಪ್ರತಿನಿಧಿಗಳು ಭಾಗವಹಿಸಿ ಸಮಸ್ಯೆಗಳನ್ನು ಪರಿಹರಿಸುವ ಬಗ್ಗೆ ಸಲಹೆ ನೀಡಿದರು. ಸಾರ್ವಜನಿಕರ ಹಿತದೃಷ್ಟಿಯಿಂದ ಕಾಮಗಾರಿಗಳನ್ನು ಶೀಘ್ರ ಪೂರ್ಣಗೊಳಿಸುವಂತೆ ಸೂಚನೆ ನೀಡಲಾಯಿತು. ಈ ಸಂದರ್ಭದಲ್ಲಿ ಹಲವು ಗಣ್ಯರು ಉಪಸ್ಥಿತರಿದ್ದರು. ನಗರದ ಅಭಿವೃದ್ಧಿಗೆ ಅಗತ್ಯ ಅನುದಾನ ಬಿಡುಗಡೆ ಮಾಡಲಾಗುವುದು ಎಂದು ತಿಳಿಸಿದರು. ಸಭೆಯಲ್ಲಿ ಕೈಗೊಂಡ ನಿರ್ಣಯಗಳನ್ನು ಜಾರಿಗೊಳಿಸಲು ಕ್ರಮ ವಹಿಸಲಾಗುವುದು ಎಂದರು.
ಬೆಳಗಾವಿ: ಕೆರೆ ಪೂಜೆಯ ಕಾರ್ಯಕ್ರಮ ನಡೆಯಿತು.
ಬೆಳಗಾವಿ: ನಗರದಲ್ಲಿ ನಡೆದ ಸಭೆಯಲ್ಲಿ ವಿವಿಧ ವಿಷಯಗಳ ಕುರಿತು ಚರ್ಚೆ ನಡೆಯಿತು. ಅಧಿಕಾರಿಗಳು ಮತ್ತು ಜನಪ್ರತಿನಿಧಿಗಳು ಭಾಗವಹಿಸಿ ಸಮಸ್ಯೆಗಳನ್ನು ಪರಿಹರಿಸುವ ಬಗ್ಗೆ ಸಲಹೆ ನೀಡಿದರು. ಸಾರ್ವಜನಿಕರ ಹಿತದೃಷ್ಟಿಯಿಂದ ಕಾಮಗಾರಿಗಳನ್ನು ಶೀಘ್ರ ಪೂರ್ಣಗೊಳಿಸುವಂತೆ ಸೂಚನೆ ನೀಡಲಾಯಿತು. ಈ ಸಂದರ್ಭದಲ್ಲಿ ಹಲವು ಗಣ್ಯರು ಉಪಸ್ಥಿತರಿದ್ದರು. ನಗರದ ಅಭಿವೃದ್ಧಿಗೆ ಅಗತ್ಯ ಅನುದಾನ ಬಿಡುಗಡೆ ಮಾಡಲಾಗುವುದು ಎಂದು ತಿಳಿಸಿದರು. ಸಭೆಯಲ್ಲಿ ಕೈಗೊಂಡ ನಿರ್ಣಯಗಳನ್ನು ಜಾರಿಗೊಳಿಸಲು ಕ್ರಮ ವಹಿಸಲಾಗುವುದು ಎಂದರು.
ಬೆಳಗಾವಿ: ನಗರದಲ್ಲಿ ನಡೆದ ಸಭೆಯಲ್ಲಿ ವಿವಿಧ ವಿಷಯಗಳ ಕುರಿತು ಚರ್ಚೆ ನಡೆಯಿತು. ಅಧಿಕಾರಿಗಳು ಮತ್ತು ಜನಪ್ರತಿನಿಧಿಗಳು ಭಾಗವಹಿಸಿ ಸಮಸ್ಯೆಗಳನ್ನು ಪರಿಹರಿಸುವ ಬಗ್ಗೆ ಸಲಹೆ ನೀಡಿದರು. ಸಾರ್ವಜನಿಕರ ಹಿತದೃಷ್ಟಿಯಿಂದ ಕಾಮಗಾರಿಗಳನ್ನು ಶೀಘ್ರ ಪೂರ್ಣಗೊಳಿಸುವಂತೆ ಸೂಚನೆ ನೀಡಲಾಯಿತು. ಈ ಸಂದರ್ಭದಲ್ಲಿ ಹಲವು ಗಣ್ಯರು ಉಪಸ್ಥಿತರಿದ್ದರು. ನಗರದ ಅಭಿವೃದ್ಧಿಗೆ ಅಗತ್ಯ ಅನುದಾನ ಬಿಡುಗಡೆ ಮಾಡಲಾಗುವುದು ಎಂದು ತಿಳಿಸಿದರು. ಸಭೆಯಲ್ಲಿ ಕೈಗೊಂಡ ನಿರ್ಣಯಗಳನ್ನು ಜಾರಿಗೊಳಿಸಲು ಕ್ರಮ ವಹಿಸಲಾಗುವುದು ಎಂದರು.
ಬೆಳಗಾವಿ: ನಗರದಲ್ಲಿ ನಡೆದ ಸಭೆಯಲ್ಲಿ ವಿವಿಧ ವಿಷಯಗಳ ಕುರಿತು ಚರ್ಚೆ ನಡೆಯಿತು. ಅಧಿಕಾರಿಗಳು ಮತ್ತು ಜನಪ್ರತಿನಿಧಿಗಳು ಭಾಗವಹಿಸಿ ಸಮಸ್ಯೆಗಳನ್ನು ಪರಿಹರಿಸುವ ಬಗ್ಗೆ ಸಲಹೆ ನೀಡಿದರು. ಸಾರ್ವಜನಿಕರ ಹಿತದೃಷ್ಟಿಯಿಂದ ಕಾಮಗಾರಿಗಳನ್ನು ಶೀಘ್ರ ಪೂರ್ಣಗೊಳಿಸುವಂತೆ ಸೂಚನೆ ನೀಡಲಾಯಿತು. ಈ ಸಂದರ್ಭದಲ್ಲಿ ಹಲವು ಗಣ್ಯರು ಉಪಸ್ಥಿತರಿದ್ದರು. ನಗರದ ಅಭಿವೃದ್ಧಿಗೆ ಅಗತ್ಯ ಅನುದಾನ ಬಿಡುಗಡೆ ಮಾಡಲಾಗುವುದು ಎಂದು ತಿಳಿಸಿದರು. ಸಭೆಯಲ್ಲಿ ಕೈಗೊಂಡ ನಿರ್ಣಯಗಳನ್ನು ಜಾರಿಗೊಳಿಸಲು ಕ್ರಮ ವಹಿಸಲಾಗುವುದು ಎಂದರು.
